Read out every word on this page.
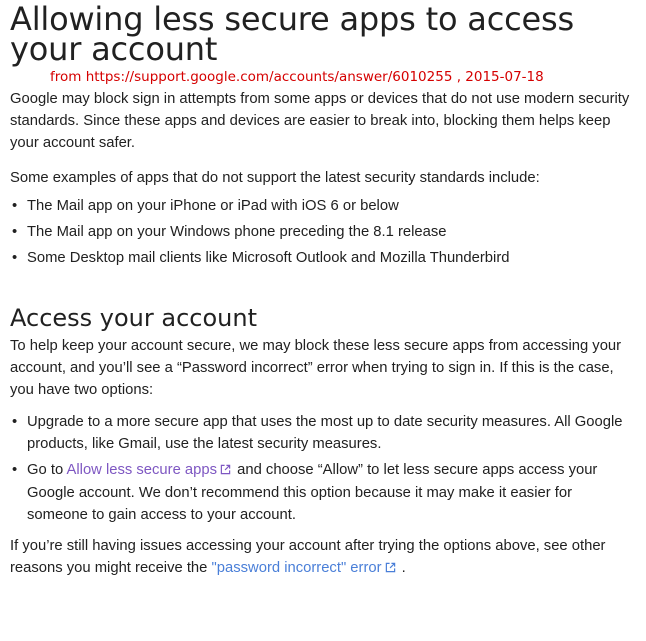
Allowing less secure apps to access
your account
from https://support.google.com/accounts/answer/6010255 , 2015-07-18

Google may block sign in attempts from some apps or devices that do not use modern security standards. Since these apps and devices are easier to break into, blocking them helps keep your account safer.

Some examples of apps that do not support the latest security standards include:

• The Mail app on your iPhone or iPad with iOS 6 or below
• The Mail app on your Windows phone preceding the 8.1 release
• Some Desktop mail clients like Microsoft Outlook and Mozilla Thunderbird
Access your account

To help keep your account secure, we may block these less secure apps from accessing your account, and you’ll see a “Password incorrect” error when trying to sign in. If this is the case, you have two options:

• Upgrade to a more secure app that uses the most up to date security measures. All Google products, like Gmail, use the latest security measures.
• Go to Allow less secure apps and choose “Allow” to let less secure apps access your Google account. We don’t recommend this option because it may make it easier for someone to gain access to your account.

If you’re still having issues accessing your account after trying the options above, see other reasons you might receive the "password incorrect" error .
